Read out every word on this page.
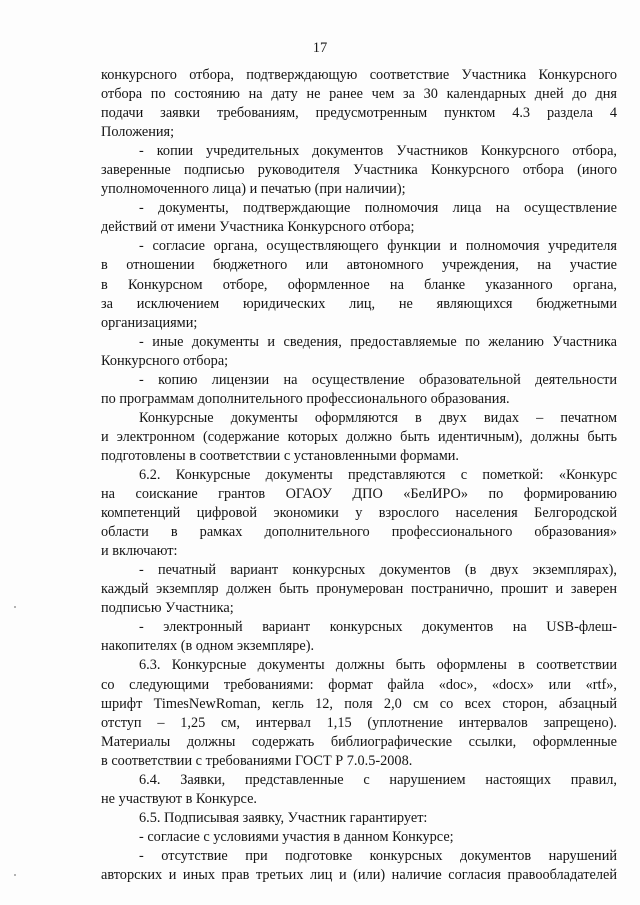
17
конкурсного отбора, подтверждающую соответствие Участника Конкурсного
отбора по состоянию на дату не ранее чем за 30 календарных дней до дня
подачи заявки требованиям, предусмотренным пунктом 4.3 раздела 4
Положения;
- копии учредительных документов Участников Конкурсного отбора,
заверенные подписью руководителя Участника Конкурсного отбора (иного
уполномоченного лица) и печатью (при наличии);
- документы, подтверждающие полномочия лица на осуществление
действий от имени Участника Конкурсного отбора;
- согласие органа, осуществляющего функции и полномочия учредителя
в отношении бюджетного или автономного учреждения, на участие
в Конкурсном отборе, оформленное на бланке указанного органа,
за исключением юридических лиц, не являющихся бюджетными
организациями;
- иные документы и сведения, предоставляемые по желанию Участника
Конкурсного отбора;
- копию лицензии на осуществление образовательной деятельности
по программам дополнительного профессионального образования.
Конкурсные документы оформляются в двух видах – печатном
и электронном (содержание которых должно быть идентичным), должны быть
подготовлены в соответствии с установленными формами.
6.2. Конкурсные документы представляются с пометкой: «Конкурс
на соискание грантов ОГАОУ ДПО «БелИРО» по формированию
компетенций цифровой экономики у взрослого населения Белгородской
области в рамках дополнительного профессионального образования»
и включают:
- печатный вариант конкурсных документов (в двух экземплярах),
каждый экземпляр должен быть пронумерован постранично, прошит и заверен
подписью Участника;
- электронный вариант конкурсных документов на USB-флеш-
накопителях (в одном экземпляре).
6.3. Конкурсные документы должны быть оформлены в соответствии
со следующими требованиями: формат файла «doc», «docx» или «rtf»,
шрифт TimesNewRoman, кегль 12, поля 2,0 см со всех сторон, абзацный
отступ – 1,25 см, интервал 1,15 (уплотнение интервалов запрещено).
Материалы должны содержать библиографические ссылки, оформленные
в соответствии с требованиями ГОСТ Р 7.0.5-2008.
6.4. Заявки, представленные с нарушением настоящих правил,
не участвуют в Конкурсе.
6.5. Подписывая заявку, Участник гарантирует:
- согласие с условиями участия в данном Конкурсе;
- отсутствие при подготовке конкурсных документов нарушений
авторских и иных прав третьих лиц и (или) наличие согласия правообладателей
